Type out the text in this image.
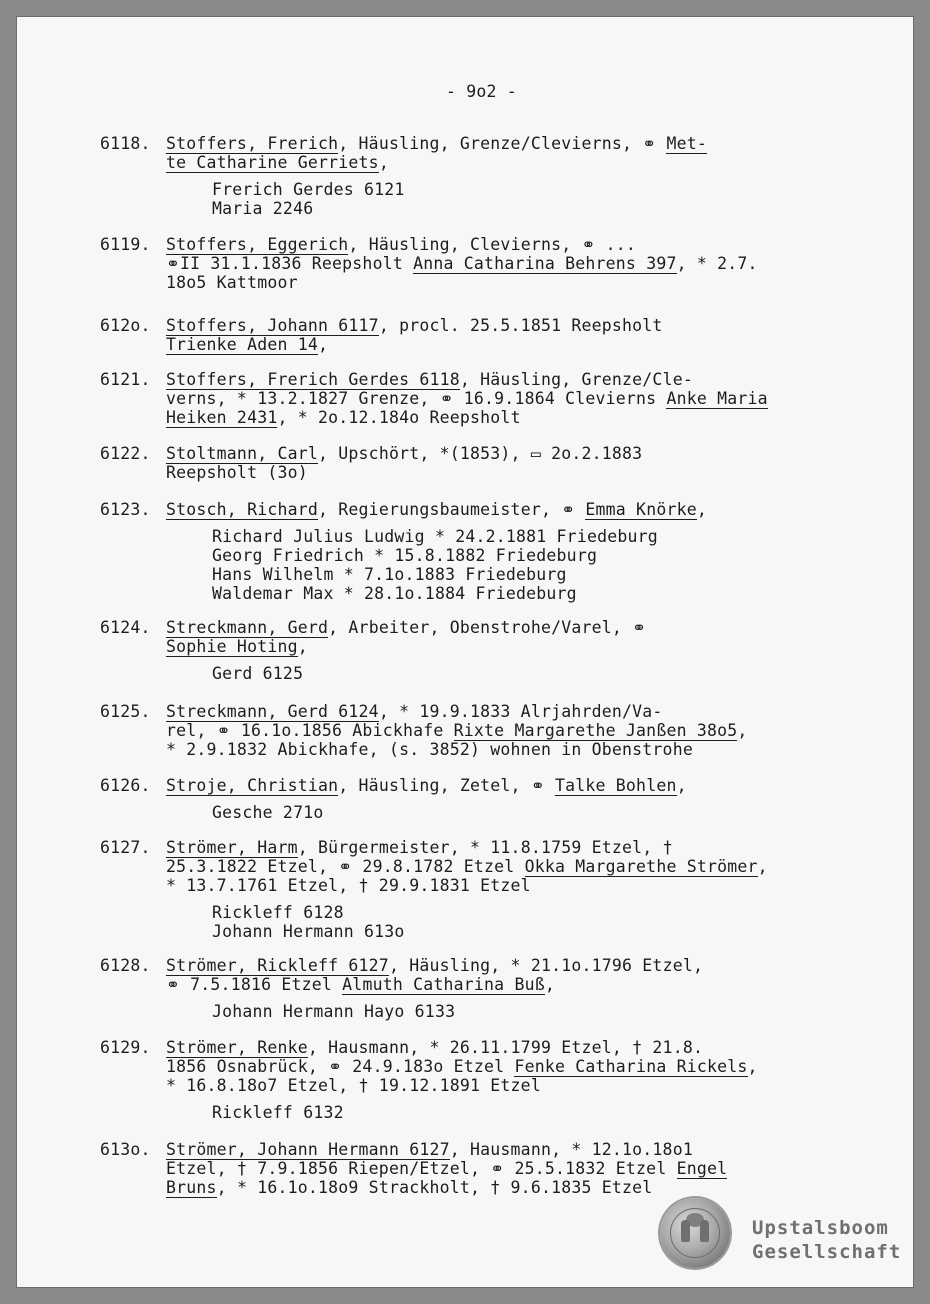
- 9o2 -
6118. Stoffers, Frerich, Häusling, Grenze/Clevierns, ⚭ Met-
te Catharine Gerriets,
Frerich Gerdes 6121
Maria 2246
6119. Stoffers, Eggerich, Häusling, Clevierns, ⚭ ...
⚭II 31.1.1836 Reepsholt Anna Catharina Behrens 397, * 2.7.
18o5 Kattmoor
612o. Stoffers, Johann 6117, procl. 25.5.1851 Reepsholt
Trienke Aden 14,
6121. Stoffers, Frerich Gerdes 6118, Häusling, Grenze/Cle-
verns, * 13.2.1827 Grenze, ⚭ 16.9.1864 Clevierns Anke Maria
Heiken 2431, * 2o.12.184o Reepsholt
6122. Stoltmann, Carl, Upschört, *(1853), ▭ 2o.2.1883
Reepsholt (3o)
6123. Stosch, Richard, Regierungsbaumeister, ⚭ Emma Knörke,
Richard Julius Ludwig * 24.2.1881 Friedeburg
Georg Friedrich * 15.8.1882 Friedeburg
Hans Wilhelm * 7.1o.1883 Friedeburg
Waldemar Max * 28.1o.1884 Friedeburg
6124. Streckmann, Gerd, Arbeiter, Obenstrohe/Varel, ⚭
Sophie Hoting,
Gerd 6125
6125. Streckmann, Gerd 6124, * 19.9.1833 Alrjahrden/Va-
rel, ⚭ 16.1o.1856 Abickhafe Rixte Margarethe Janßen 38o5,
* 2.9.1832 Abickhafe, (s. 3852) wohnen in Obenstrohe
6126. Stroje, Christian, Häusling, Zetel, ⚭ Talke Bohlen,
Gesche 271o
6127. Strömer, Harm, Bürgermeister, * 11.8.1759 Etzel, †
25.3.1822 Etzel, ⚭ 29.8.1782 Etzel Okka Margarethe Strömer,
* 13.7.1761 Etzel, † 29.9.1831 Etzel
Rickleff 6128
Johann Hermann 613o
6128. Strömer, Rickleff 6127, Häusling, * 21.1o.1796 Etzel,
⚭ 7.5.1816 Etzel Almuth Catharina Buß,
Johann Hermann Hayo 6133
6129. Strömer, Renke, Hausmann, * 26.11.1799 Etzel, † 21.8.
1856 Osnabrück, ⚭ 24.9.183o Etzel Fenke Catharina Rickels,
* 16.8.18o7 Etzel, † 19.12.1891 Etzel
Rickleff 6132
613o. Strömer, Johann Hermann 6127, Hausmann, * 12.1o.18o1
Etzel, † 7.9.1856 Riepen/Etzel, ⚭ 25.5.1832 Etzel Engel
Bruns, * 16.1o.18o9 Strackholt, † 9.6.1835 Etzel
Upstalsboom
Gesellschaft
